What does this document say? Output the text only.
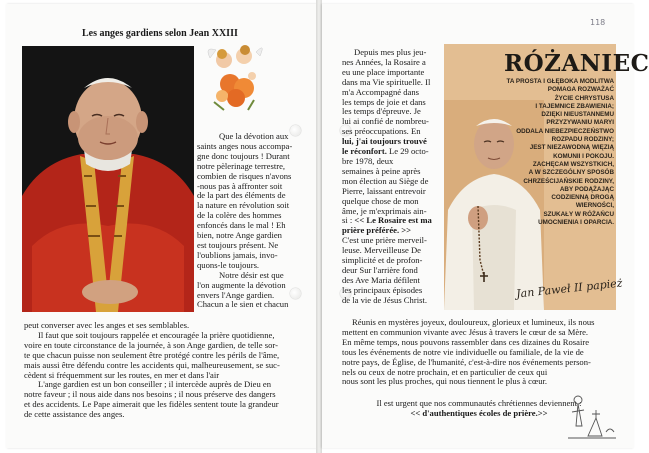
Les anges gardiens selon Jean XXIII

Que la dévotion aux

saints anges nous accompa-

gne donc toujours ! Durant

notre pèlerinage terrestre,

combien de risques n'avons

-nous pas à affronter soit

de la part des éléments de

la nature en révolution soit

de la colère des hommes

enfoncés dans le mal ! Eh

bien, notre Ange gardien

est toujours présent. Ne

l'oublions jamais, invo-

quons-le toujours.

Notre désir est que

l'on augmente la dévotion

envers l'Ange gardien.

Chacun a le sien et chacun

peut converser avec les anges et ses semblables.

Il faut que soit toujours rappelée et encouragée la prière quotidienne,

voire en toute circonstance de la journée, à son Ange gardien, de telle sor-

te que chacun puisse non seulement être protégé contre les périls de l'âme,

mais aussi être défendu contre les accidents qui, malheureusement, se suc-

cèdent si fréquemment sur les routes, en mer et dans l'air

L'ange gardien est un bon conseiller ; il intercède auprès de Dieu en

notre faveur ; il nous aide dans nos besoins ; il nous préserve des dangers

et des accidents. Le Pape aimerait que les fidèles sentent toute la grandeur

de cette assistance des anges.

118

Depuis mes plus jeu-

nes Années, la Rosaire a

eu une place importante

dans ma Vie spirituelle. Il

m'a Accompagné dans

les temps de joie et dans

les temps d'épreuve. Je

lui ai confié de nombreu-

ses préoccupations. En

lui, j'ai toujours trouvé

le réconfort. Le 29 octo-

bre 1978, deux

semaines à peine après

mon élection au Siège de

Pierre, laissant entrevoir

quelque chose de mon

âme, je m'exprimais ain-

si : << Le Rosaire est ma

prière préférée. >>

C'est une prière merveil-

leuse. Merveilleuse De

simplicité et de profon-

deur Sur l'arrière fond

des Ave Maria défilent

les principaux épisodes

de la vie de Jésus Christ.

RÓŻANIEC
TA PROSTA I GŁĘBOKA MODLITWA
POMAGA ROZWAŻAĆ
ŻYCIE CHRYSTUSA
I TAJEMNICE ZBAWIENIA;
DZIĘKI NIEUSTANNEMU
PRZYZYWANIU MARYI
ODDALA NIEBEZPIECZEŃSTWO
ROZPADU RODZINY;
JEST NIEZAWODNĄ WIĘZIĄ
KOMUNII I POKOJU.
ZACHĘCAM WSZYSTKICH,
A W SZCZEGÓLNY SPOSÓB
CHRZEŚCIJAŃSKIE RODZINY,
ABY PODĄŻAJĄC
CODZIENNĄ DROGĄ
WIERNOŚCI,
SZUKAŁY W RÓŻAŃCU
UMOCNIENIA I OPARCIA.
Jan Paweł II papież

Réunis en mystères joyeux, douloureux, glorieux et lumineux, ils nous

mettent en communion vivante avec Jésus à travers le cœur de sa Mère.

En même temps, nous pouvons rassembler dans ces dizaines du Rosaire

tous les événements de notre vie individuelle ou familiale, de la vie de

notre pays, de Église, de l'humanité, c'est-à-dire nos événements person-

nels ou ceux de notre prochain, et en particulier de ceux qui

nous sont les plus proches, qui nous tiennent le plus à cœur.

Il est urgent que nos communautés chrétiennes deviennent :
<< d'authentiques écoles de prière.>>
